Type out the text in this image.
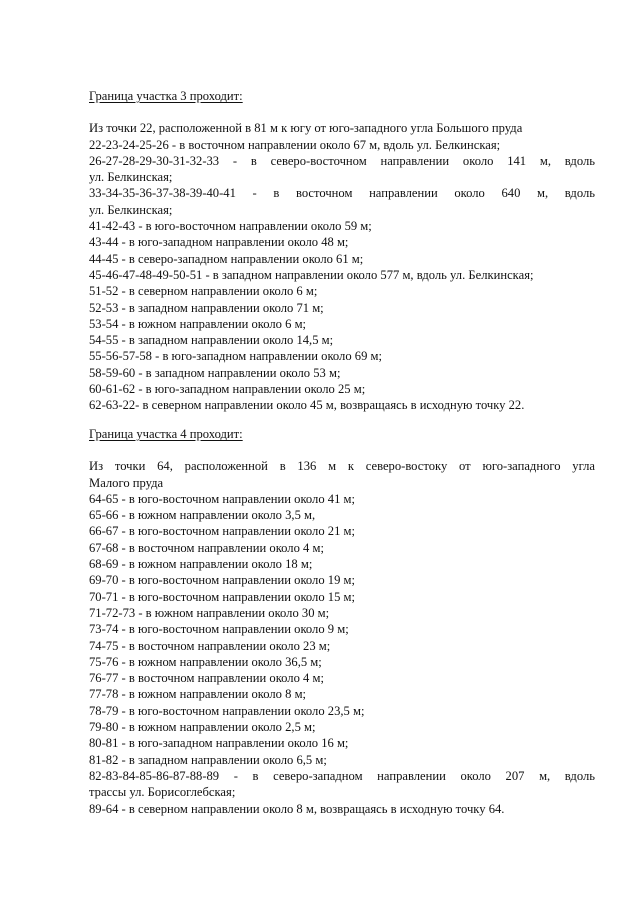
Граница участка 3 проходит:
Из точки 22, расположенной в 81 м к югу от юго-западного угла Большого пруда
22-23-24-25-26 - в восточном направлении около 67 м, вдоль ул. Белкинская;
26-27-28-29-30-31-32-33 - в северо-восточном направлении около 141 м, вдоль
ул. Белкинская;
33-34-35-36-37-38-39-40-41 - в восточном направлении около 640 м, вдоль
ул. Белкинская;
41-42-43 - в юго-восточном направлении около 59 м;
43-44 - в юго-западном направлении около 48 м;
44-45 - в северо-западном направлении около 61 м;
45-46-47-48-49-50-51 - в западном направлении около 577 м, вдоль ул. Белкинская;
51-52 - в северном направлении около 6 м;
52-53 - в западном направлении около 71 м;
53-54 - в южном направлении около 6 м;
54-55 - в западном направлении около 14,5 м;
55-56-57-58 - в юго-западном направлении около 69 м;
58-59-60 - в западном направлении около 53 м;
60-61-62 - в юго-западном направлении около 25 м;
62-63-22- в северном направлении около 45 м, возвращаясь в исходную точку 22.
Граница участка 4 проходит:
Из точки 64, расположенной в 136 м к северо-востоку от юго-западного угла
Малого пруда
64-65 - в юго-восточном направлении около 41 м;
65-66 - в южном направлении около 3,5 м,
66-67 - в юго-восточном направлении около 21 м;
67-68 - в восточном направлении около 4 м;
68-69 - в южном направлении около 18 м;
69-70 - в юго-восточном направлении около 19 м;
70-71 - в юго-восточном направлении около 15 м;
71-72-73 - в южном направлении около 30 м;
73-74 - в юго-восточном направлении около 9 м;
74-75 - в восточном направлении около 23 м;
75-76 - в южном направлении около 36,5 м;
76-77 - в восточном направлении около 4 м;
77-78 - в южном направлении около 8 м;
78-79 - в юго-восточном направлении около 23,5 м;
79-80 - в южном направлении около 2,5 м;
80-81 - в юго-западном направлении около 16 м;
81-82 - в западном направлении около 6,5 м;
82-83-84-85-86-87-88-89 - в северо-западном направлении около 207 м, вдоль
трассы ул. Борисоглебская;
89-64 - в северном направлении около 8 м, возвращаясь в исходную точку 64.
